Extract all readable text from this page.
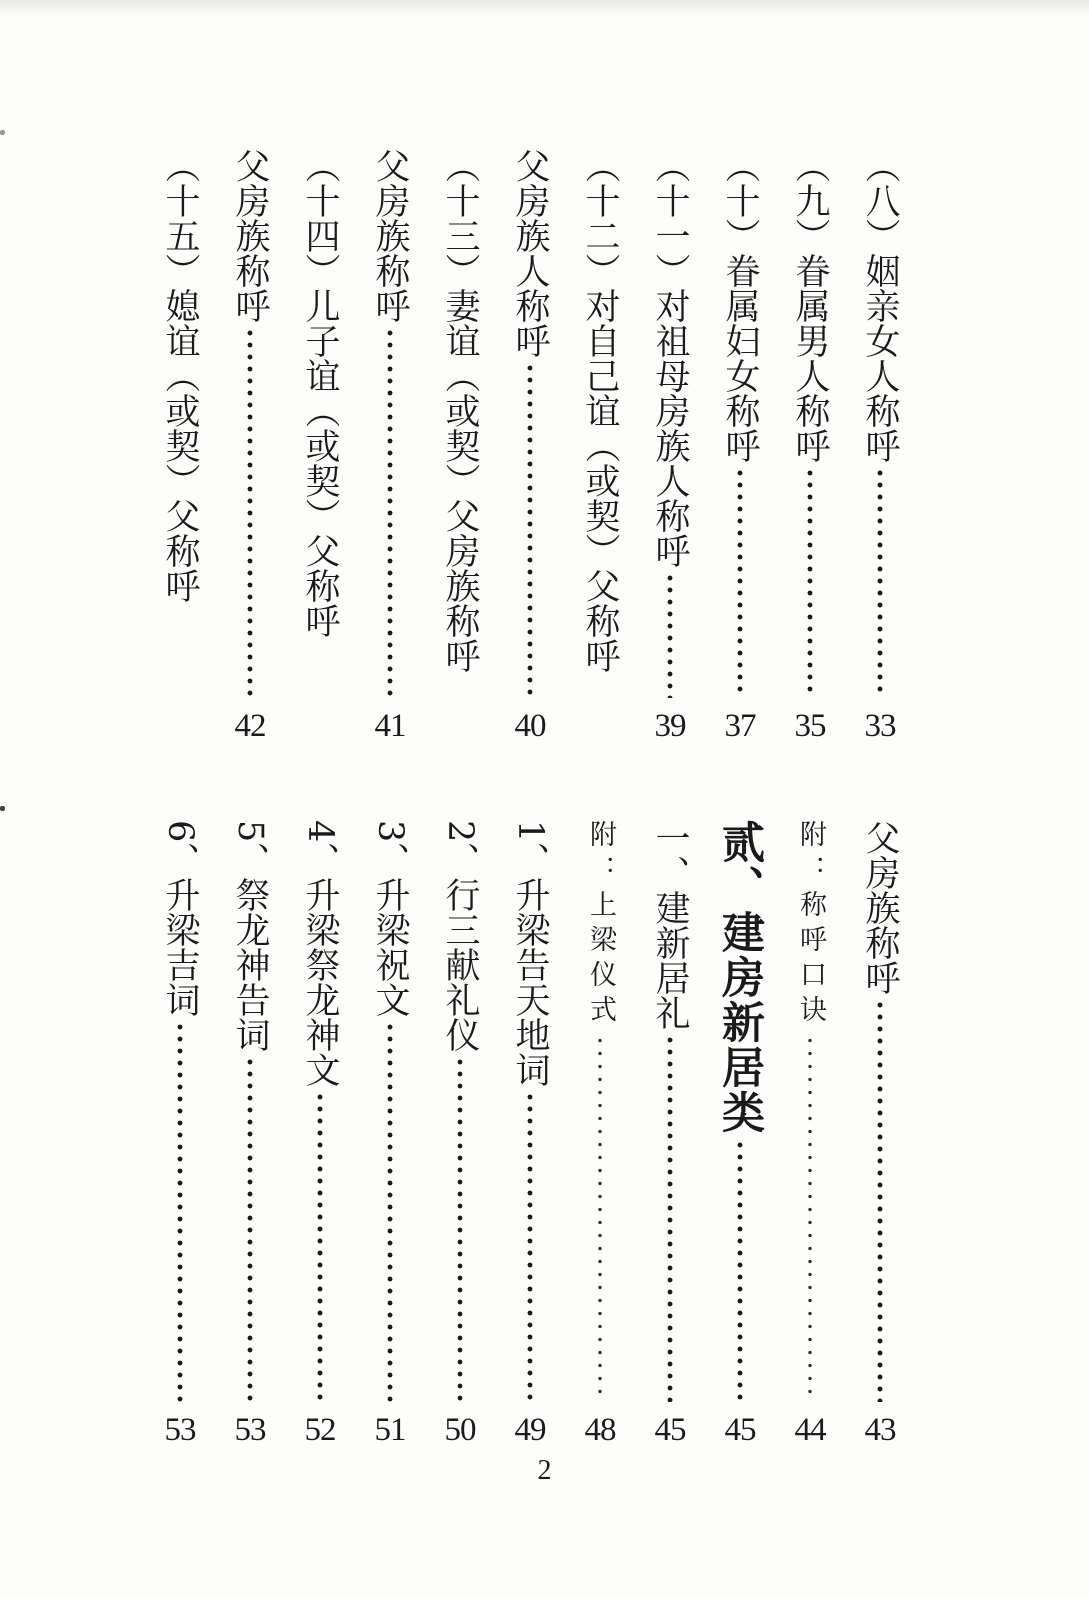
（八）姻亲女人称呼
33
（九）眷属男人称呼
35
（十）眷属妇女称呼
37
（十一）对祖母房族人称呼
39
（十二）对自己谊（或契）父称呼
父房族人称呼
40
（十三）妻谊（或契）父房族称呼
父房族称呼
41
（十四）儿子谊（或契）父称呼
父房族称呼
42
（十五）媳谊（或契）父称呼
父房族称呼
43
附：称呼口诀
44
贰、建房新居类
45
一、建新居礼
45
附：上梁仪式
48
1、升梁告天地词
49
2、行三献礼仪
50
3、升梁祝文
51
4、升梁祭龙神文
52
5、祭龙神告词
53
6、升梁吉词
53
2
